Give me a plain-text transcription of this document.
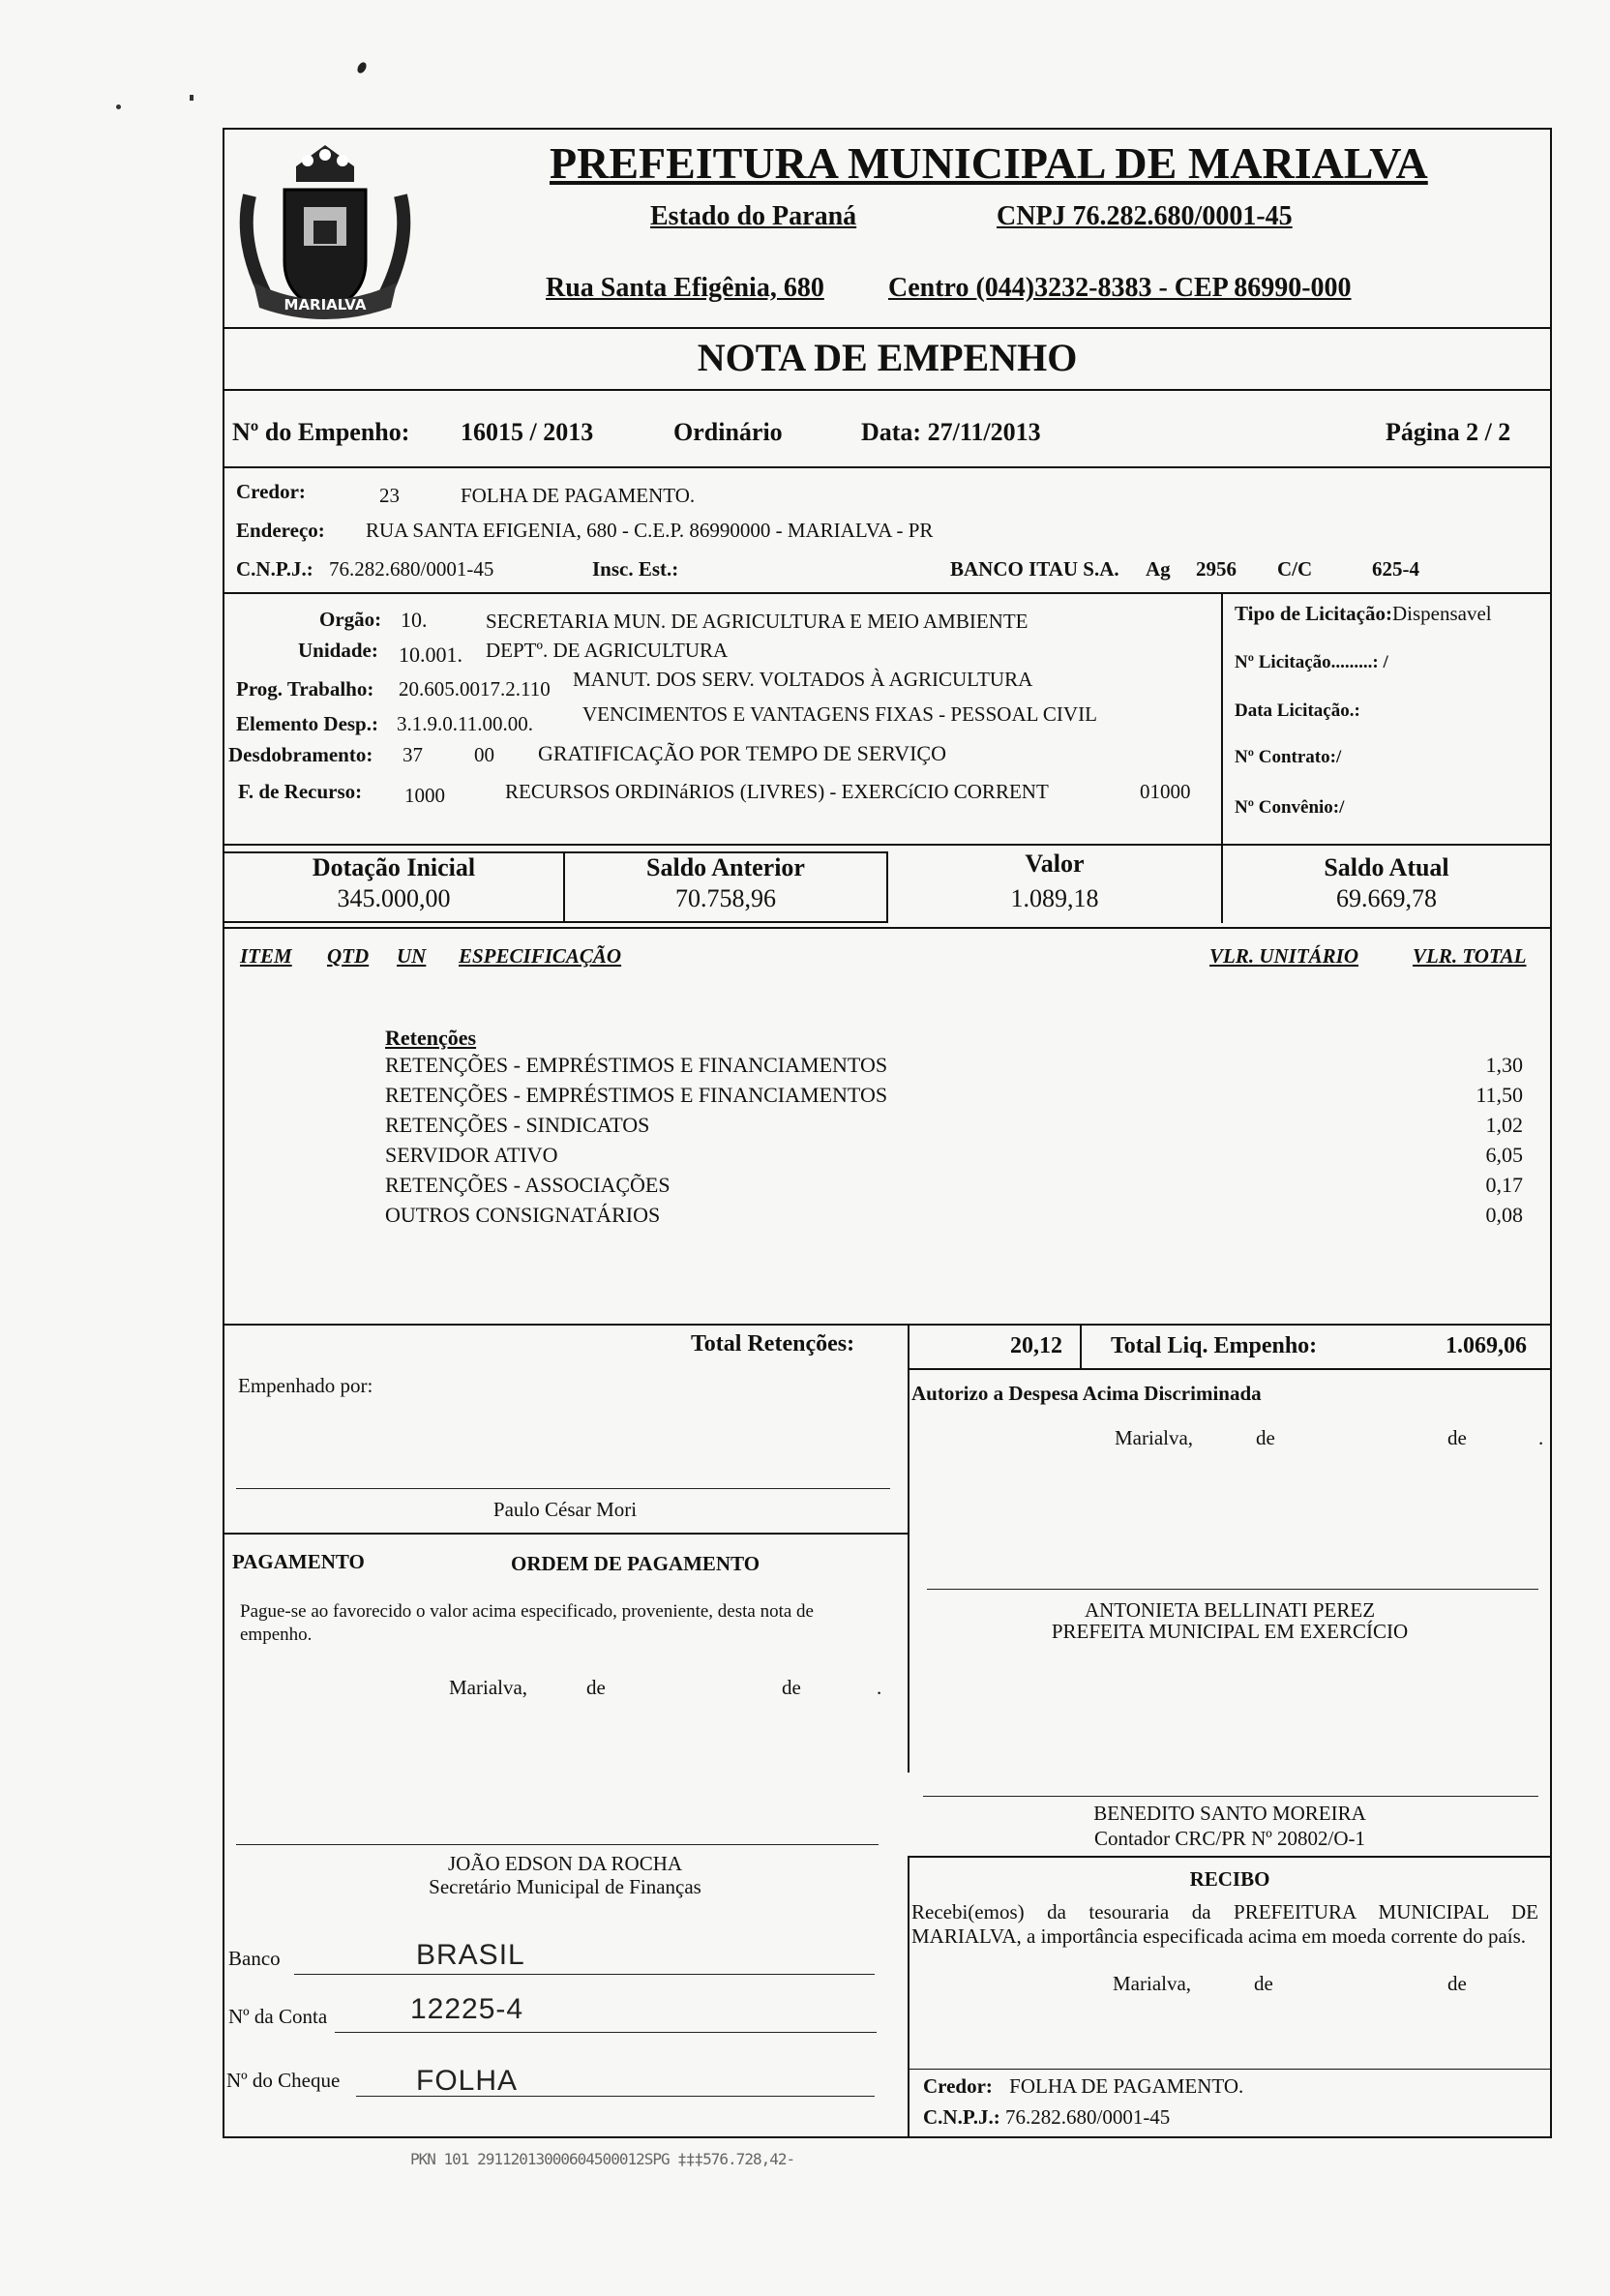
MARIALVA
PREFEITURA MUNICIPAL DE MARIALVA
Estado do Paraná	CNPJ 76.282.680/0001-45
Rua Santa Efigênia, 680 Centro (044)3232-8383 - CEP 86990-000
NOTA DE EMPENHO
Nº do Empenho: 16015 / 2013	Ordinário	Data: 27/11/2013	Página 2 / 2
Credor:	23	FOLHA DE PAGAMENTO.
Endereço: RUA SANTA EFIGENIA, 680 - C.E.P. 86990000 - MARIALVA - PR
C.N.P.J.: 76.282.680/0001-45	Insc. Est.:	BANCO ITAU S.A. Ag 2956 C/C	625-4
Orgão: 10.	SECRETARIA MUN. DE AGRICULTURA E MEIO AMBIENTE
Unidade: 10.001. DEPTº. DE AGRICULTURA
Prog. Trabalho: 20.605.0017.2.110 MANUT. DOS SERV. VOLTADOS À AGRICULTURA
Elemento Desp.: 3.1.9.0.11.00.00. VENCIMENTOS E VANTAGENS FIXAS - PESSOAL CIVIL
Desdobramento: 37	00 GRATIFICAÇÃO POR TEMPO DE SERVIÇO
F. de Recurso: 1000	RECURSOS ORDINáRIOS (LIVRES) - EXERCíCIO CORRENT	01000
Tipo de Licitação:Dispensavel
Nº Licitação.........: /
Data Licitação.:
Nº Contrato:/
Nº Convênio:/
Dotação Inicial
345.000,00
Saldo Anterior
70.758,96
Valor
1.089,18
Saldo Atual
69.669,78
ITEM QTD UN ESPECIFICAÇÃO	VLR. UNITÁRIO	VLR. TOTAL
Retenções
RETENÇÕES - EMPRÉSTIMOS E FINANCIAMENTOS	1,30
RETENÇÕES - EMPRÉSTIMOS E FINANCIAMENTOS	11,50
RETENÇÕES - SINDICATOS	1,02
SERVIDOR ATIVO	6,05
RETENÇÕES - ASSOCIAÇÕES	0,17
OUTROS CONSIGNATÁRIOS	0,08
Total Retenções:	20,12 Total Liq. Empenho:	1.069,06
Empenhado por:
Paulo César Mori
PAGAMENTO	ORDEM DE PAGAMENTO
Pague-se ao favorecido o valor acima especificado, proveniente, desta nota de empenho.
Marialva,	de	de	.
JOÃO EDSON DA ROCHA
Secretário Municipal de Finanças
Banco	BRASIL
Nº da Conta	12225-4
Nº do Cheque	FOLHA
Autorizo a Despesa Acima Discriminada
Marialva,	de	de	.
ANTONIETA BELLINATI PEREZ
PREFEITA MUNICIPAL EM EXERCÍCIO
BENEDITO SANTO MOREIRA
Contador CRC/PR Nº 20802/O-1
RECIBO
Recebi(emos) da tesouraria da PREFEITURA MUNICIPAL DE MARIALVA, a importância especificada acima em moeda corrente do país.
Marialva,	de	de
Credor: FOLHA DE PAGAMENTO.
C.N.P.J.: 76.282.680/0001-45
PKN 101 29112013000604500012SPG ‡‡‡576.728,42-
